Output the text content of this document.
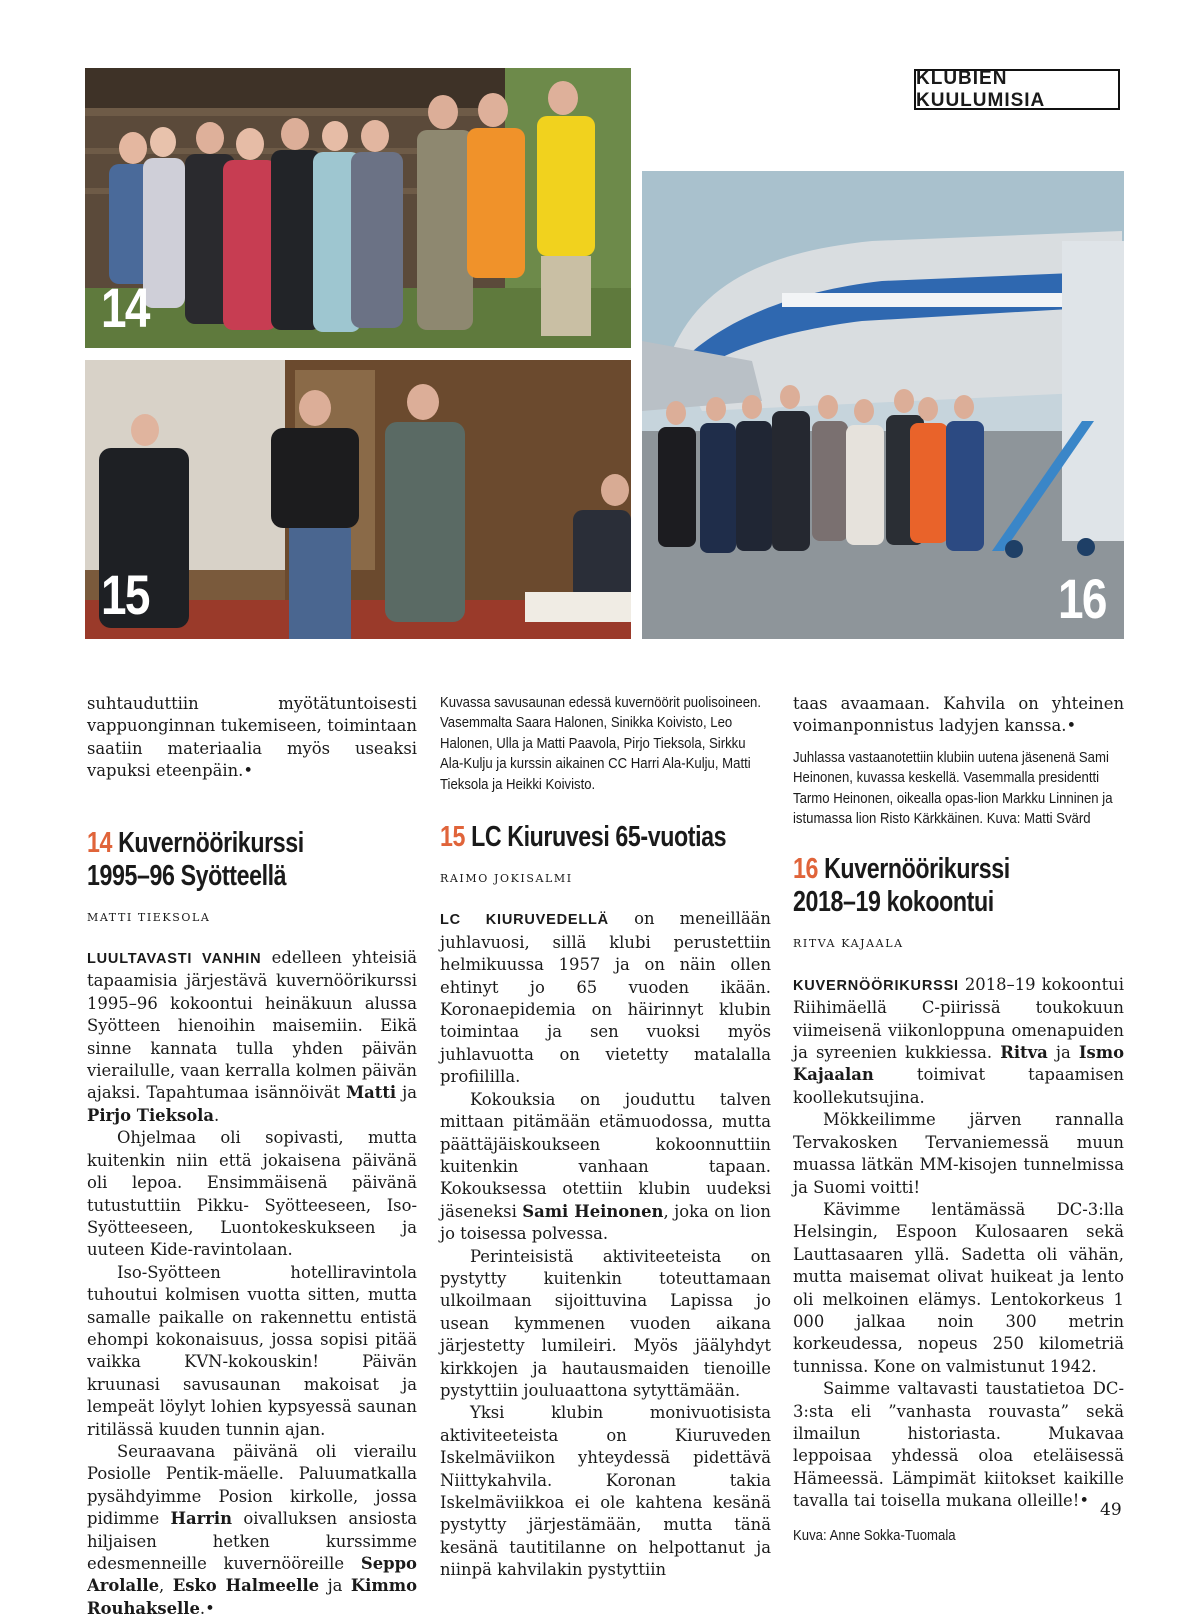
KLUBIEN KUULUMISIA
14
15	16

suhtauduttiin myötätuntoisesti vappuonginnan tukemiseen, toimintaan saatiin materiaalia myös useaksi vapuksi eteenpäin.•

14 Kuvernöörikurssi
1995–96 Syötteellä
MATTI TIEKSOLA

LUULTAVASTI VANHIN edelleen yhteisiä tapaamisia järjestävä kuvernöörikurssi 1995–96 kokoontui heinäkuun alussa Syötteen hienoihin maisemiin. Eikä sinne kannata tulla yhden päivän vierailulle, vaan kerralla kolmen päivän ajaksi. Tapahtumaa isännöivät Matti ja Pirjo Tieksola.

Ohjelmaa oli sopivasti, mutta kuitenkin niin että jokaisena päivänä oli lepoa. Ensimmäisenä päivänä tutustuttiin Pikku- Syötteeseen, Iso-Syötteeseen, Luontokeskukseen ja uuteen Kide-ravintolaan.

Iso-Syötteen hotelliravintola tuhoutui kolmisen vuotta sitten, mutta samalle paikalle on rakennettu entistä ehompi kokonaisuus, jossa sopisi pitää vaikka KVN-kokouskin! Päivän kruunasi savusaunan makoisat ja lempeät löylyt lohien kypsyessä saunan ritilässä kuuden tunnin ajan.

Seuraavana päivänä oli vierailu Posiolle Pentik-mäelle. Paluumatkalla pysähdyimme Posion kirkolle, jossa pidimme Harrin oivalluksen ansiosta hiljaisen hetken kurssimme edesmenneille kuvernööreille Seppo Arolalle, Esko Halmeelle ja Kimmo Rouhakselle.•

Kuvassa savusaunan edessä kuvernöörit puolisoineen. Vasemmalta Saara Halonen, Sinikka Koivisto, Leo Halonen, Ulla ja Matti Paavola, Pirjo Tieksola, Sirkku Ala-Kulju ja kurssin aikainen CC Harri Ala-Kulju, Matti Tieksola ja Heikki Koivisto.
15 LC Kiuruvesi 65-vuotias
RAIMO JOKISALMI

LC KIURUVEDELLÄ on meneillään juhlavuosi, sillä klubi perustettiin helmikuussa 1957 ja on näin ollen ehtinyt jo 65 vuoden ikään. Koronaepidemia on häirinnyt klubin toimintaa ja sen vuoksi myös juhlavuotta on vietetty matalalla profiililla.

Kokouksia on jouduttu talven mittaan pitämään etämuodossa, mutta päättäjäiskoukseen kokoonnuttiin kuitenkin vanhaan tapaan. Kokouksessa otettiin klubin uudeksi jäseneksi Sami Heinonen, joka on lion jo toisessa polvessa.

Perinteisistä aktiviteeteista on pystytty kuitenkin toteuttamaan ulkoilmaan sijoittuvina Lapissa jo usean kymmenen vuoden aikana järjestetty lumileiri. Myös jäälyhdyt kirkkojen ja hautausmaiden tienoille pystyttiin jouluaattona sytyttämään.

Yksi klubin monivuotisista aktiviteeteista on Kiuruveden Iskelmäviikon yhteydessä pidettävä Niittykahvila. Koronan takia Iskelmäviikkoa ei ole kahtena kesänä pystytty järjestämään, mutta tänä kesänä tautitilanne on helpottanut ja niinpä kahvilakin pystyttiin

taas avaamaan. Kahvila on yhteinen voimanponnistus ladyjen kanssa.•

Juhlassa vastaanotettiin klubiin uutena jäsenenä Sami Heinonen, kuvassa keskellä. Vasemmalla presidentti Tarmo Heinonen, oikealla opas-lion Markku Linninen ja istumassa lion Risto Kärkkäinen. Kuva: Matti Svärd
16 Kuvernöörikurssi
2018–19 kokoontui
RITVA KAJAALA

KUVERNÖÖRIKURSSI 2018–19 kokoontui Riihimäellä C-piirissä toukokuun viimeisenä viikonloppuna omenapuiden ja syreenien kukkiessa. Ritva ja Ismo Kajaalan toimivat tapaamisen koollekutsujina.

Mökkeilimme järven rannalla Tervakosken Tervaniemessä muun muassa lätkän MM-kisojen tunnelmissa ja Suomi voitti!

Kävimme lentämässä DC-3:lla Helsingin, Espoon Kulosaaren sekä Lauttasaaren yllä. Sadetta oli vähän, mutta maisemat olivat huikeat ja lento oli melkoinen elämys. Lentokorkeus 1 000 jalkaa noin 300 metrin korkeudessa, nopeus 250 kilometriä tunnissa. Kone on valmistunut 1942.

Saimme valtavasti taustatietoa DC-3:sta eli ”vanhasta rouvasta” sekä ilmailun historiasta. Mukavaa leppoisaa yhdessä oloa eteläisessä Hämeessä. Lämpimät kiitokset kaikille tavalla tai toisella mukana olleille!•

Kuva: Anne Sokka-Tuomala
49
